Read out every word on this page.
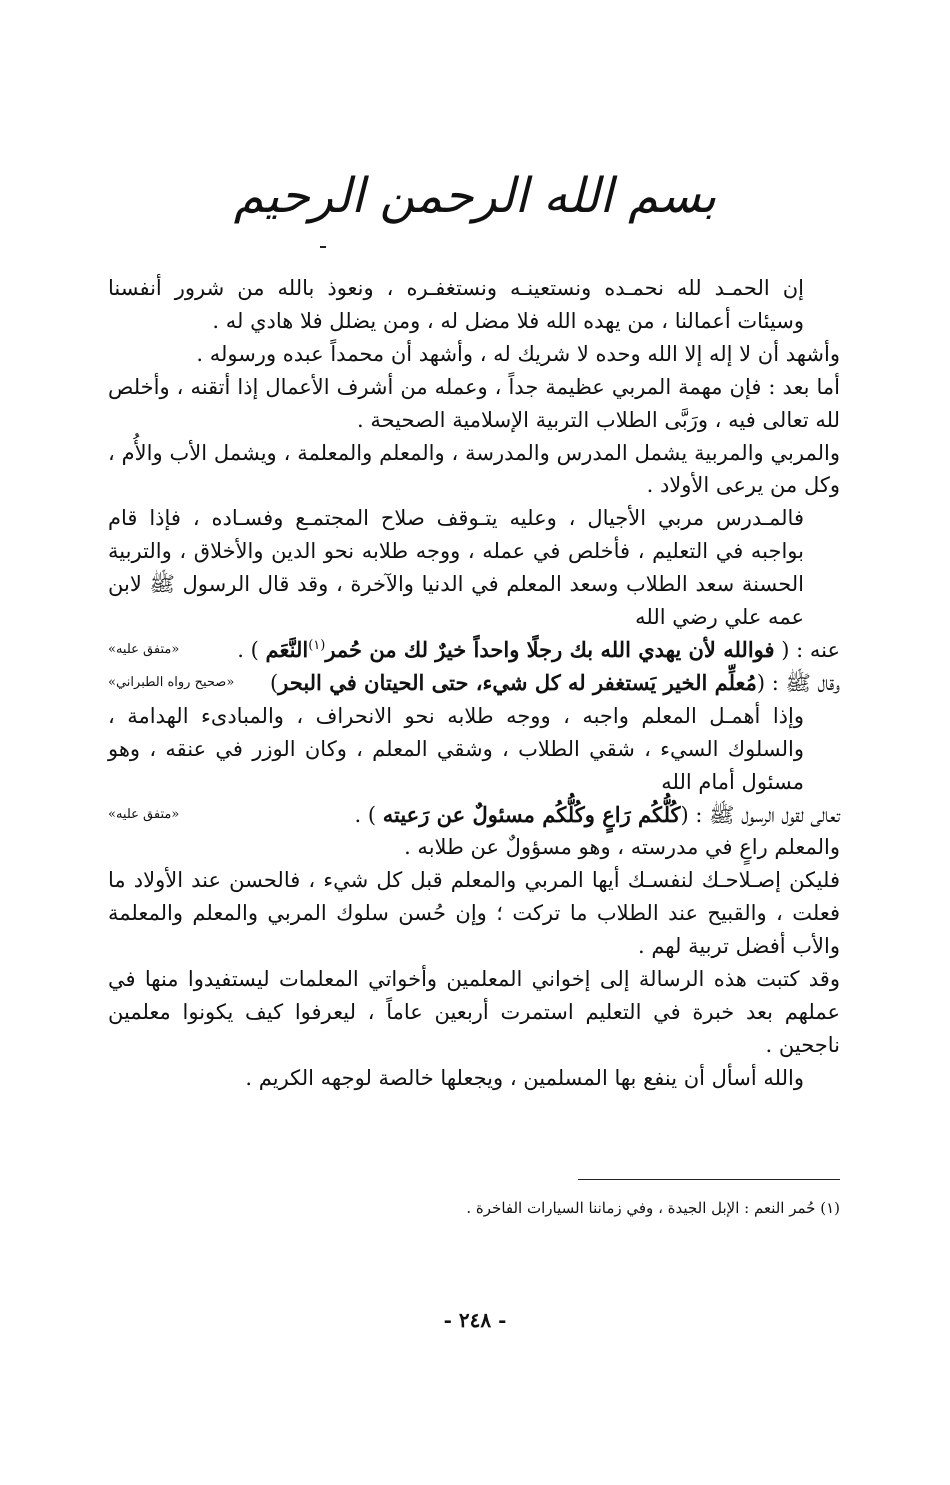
بسم الله الرحمن الرحيم

إن الحمـد لله نحمـده ونستعينـه ونستغفـره ، ونعوذ بالله من شرور أنفسنا وسيئات أعمالنا ، من يهده الله فلا مضل له ، ومن يضلل فلا هادي له .

وأشهد أن لا إله إلا الله وحده لا شريك له ، وأشهد أن محمداً عبده ورسوله .

أما بعد : فإن مهمة المربي عظيمة جداً ، وعمله من أشرف الأعمال إذا أتقنه ، وأخلص لله تعالى فيه ، ورَبَّى الطلاب التربية الإسلامية الصحيحة .

والمربي والمربية يشمل المدرس والمدرسة ، والمعلم والمعلمة ، ويشمل الأب والأُم ، وكل من يرعى الأولاد .

فالمـدرس مربي الأجيال ، وعليه يتـوقف صلاح المجتمـع وفسـاده ، فإذا قام بواجبه في التعليم ، فأخلص في عمله ، ووجه طلابه نحو الدين والأخلاق ، والتربية الحسنة سعد الطلاب وسعد المعلم في الدنيا والآخرة ، وقد قال الرسول ﷺ لابن عمه علي رضي الله

«متفق عليه»	عنه : ( فوالله لأن يهدي الله بك رجلًا واحداً خيرٌ لك من حُمر$^{(١)}$النَّعَم ) .

«صحيح رواه الطبراني»	وقال ﷺ : (مُعلِّم الخير يَستغفر له كل شيء، حتى الحيتان في البحر)

وإذا أهمـل المعلم واجبه ، ووجه طلابه نحو الانحراف ، والمبادىء الهدامة ، والسلوك السيء ، شقي الطلاب ، وشقي المعلم ، وكان الوزر في عنقه ، وهو مسئول أمام الله

«متفق عليه»	تعالى لقول الرسول ﷺ : (كُلُّكُم رَاعٍ وكُلُّكُم مسئولٌ عن رَعيته ) .

والمعلم راعٍ في مدرسته ، وهو مسؤولٌ عن طلابه .

فليكن إصـلاحـك لنفسـك أيها المربي والمعلم قبل كل شيء ، فالحسن عند الأولاد ما فعلت ، والقبيح عند الطلاب ما تركت ؛ وإن حُسن سلوك المربي والمعلم والمعلمة والأب أفضل تربية لهم .

وقد كتبت هذه الرسالة إلى إخواني المعلمين وأخواتي المعلمات ليستفيدوا منها في عملهم بعد خبرة في التعليم استمرت أربعين عاماً ، ليعرفوا كيف يكونوا معلمين ناجحين .

والله أسأل أن ينفع بها المسلمين ، ويجعلها خالصة لوجهه الكريم .

(١) حُمر النعم : الإبل الجيدة ، وفي زماننا السيارات الفاخرة .
- ٢٤٨ -
